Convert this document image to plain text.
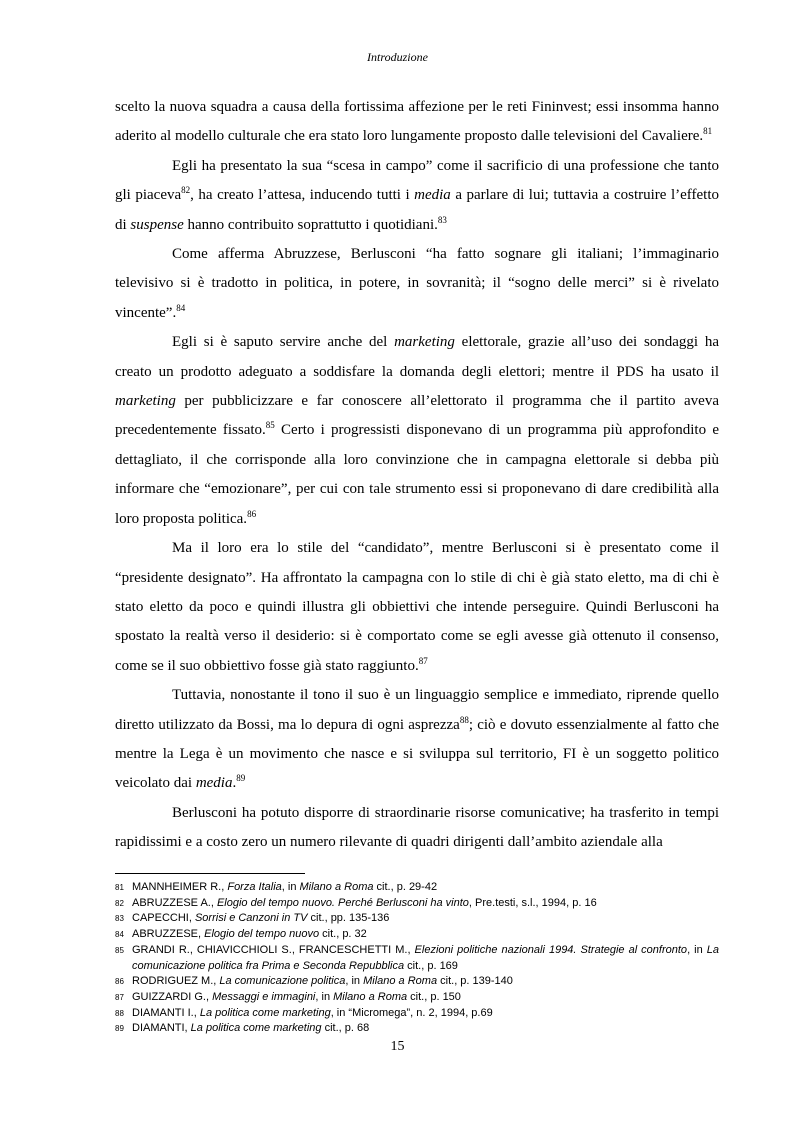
Introduzione

scelto la nuova squadra a causa della fortissima affezione per le reti Fininvest; essi insomma hanno aderito al modello culturale che era stato loro lungamente proposto dalle televisioni del Cavaliere.$^{81}$

Egli ha presentato la sua “scesa in campo” come il sacrificio di una professione che tanto gli piaceva$^{82}$, ha creato l’attesa, inducendo tutti i media a parlare di lui; tuttavia a costruire l’effetto di suspense hanno contribuito soprattutto i quotidiani.$^{83}$

Come afferma Abruzzese, Berlusconi “ha fatto sognare gli italiani; l’immaginario televisivo si è tradotto in politica, in potere, in sovranità; il “sogno delle merci” si è rivelato vincente”.$^{84}$

Egli si è saputo servire anche del marketing elettorale, grazie all’uso dei sondaggi ha creato un prodotto adeguato a soddisfare la domanda degli elettori; mentre il PDS ha usato il marketing per pubblicizzare e far conoscere all’elettorato il programma che il partito aveva precedentemente fissato.$^{85}$ Certo i progressisti disponevano di un programma più approfondito e dettagliato, il che corrisponde alla loro convinzione che in campagna elettorale si debba più informare che “emozionare”, per cui con tale strumento essi si proponevano di dare credibilità alla loro proposta politica.$^{86}$

Ma il loro era lo stile del “candidato”, mentre Berlusconi si è presentato come il “presidente designato”. Ha affrontato la campagna con lo stile di chi è già stato eletto, ma di chi è stato eletto da poco e quindi illustra gli obbiettivi che intende perseguire. Quindi Berlusconi ha spostato la realtà verso il desiderio: si è comportato come se egli avesse già ottenuto il consenso, come se il suo obbiettivo fosse già stato raggiunto.$^{87}$

Tuttavia, nonostante il tono il suo è un linguaggio semplice e immediato, riprende quello diretto utilizzato da Bossi, ma lo depura di ogni asprezza$^{88}$; ciò e dovuto essenzialmente al fatto che mentre la Lega è un movimento che nasce e si sviluppa sul territorio, FI è un soggetto politico veicolato dai media.$^{89}$

Berlusconi ha potuto disporre di straordinarie risorse comunicative; ha trasferito in tempi rapidissimi e a costo zero un numero rilevante di quadri dirigenti dall’ambito aziendale alla

81 MANNHEIMER R., Forza Italia, in Milano a Roma cit., p. 29-42
82 ABRUZZESE A., Elogio del tempo nuovo. Perché Berlusconi ha vinto, Pre.testi, s.l., 1994, p. 16
83 CAPECCHI, Sorrisi e Canzoni in TV cit., pp. 135-136
84 ABRUZZESE, Elogio del tempo nuovo cit., p. 32
85 GRANDI R., CHIAVICCHIOLI S., FRANCESCHETTI M., Elezioni politiche nazionali 1994. Strategie al confronto, in La comunicazione politica fra Prima e Seconda Repubblica cit., p. 169
86 RODRIGUEZ M., La comunicazione politica, in Milano a Roma cit., p. 139-140
87 GUIZZARDI G., Messaggi e immagini, in Milano a Roma cit., p. 150
88 DIAMANTI I., La politica come marketing, in “Micromega”, n. 2, 1994, p.69
89 DIAMANTI, La politica come marketing cit., p. 68
15
